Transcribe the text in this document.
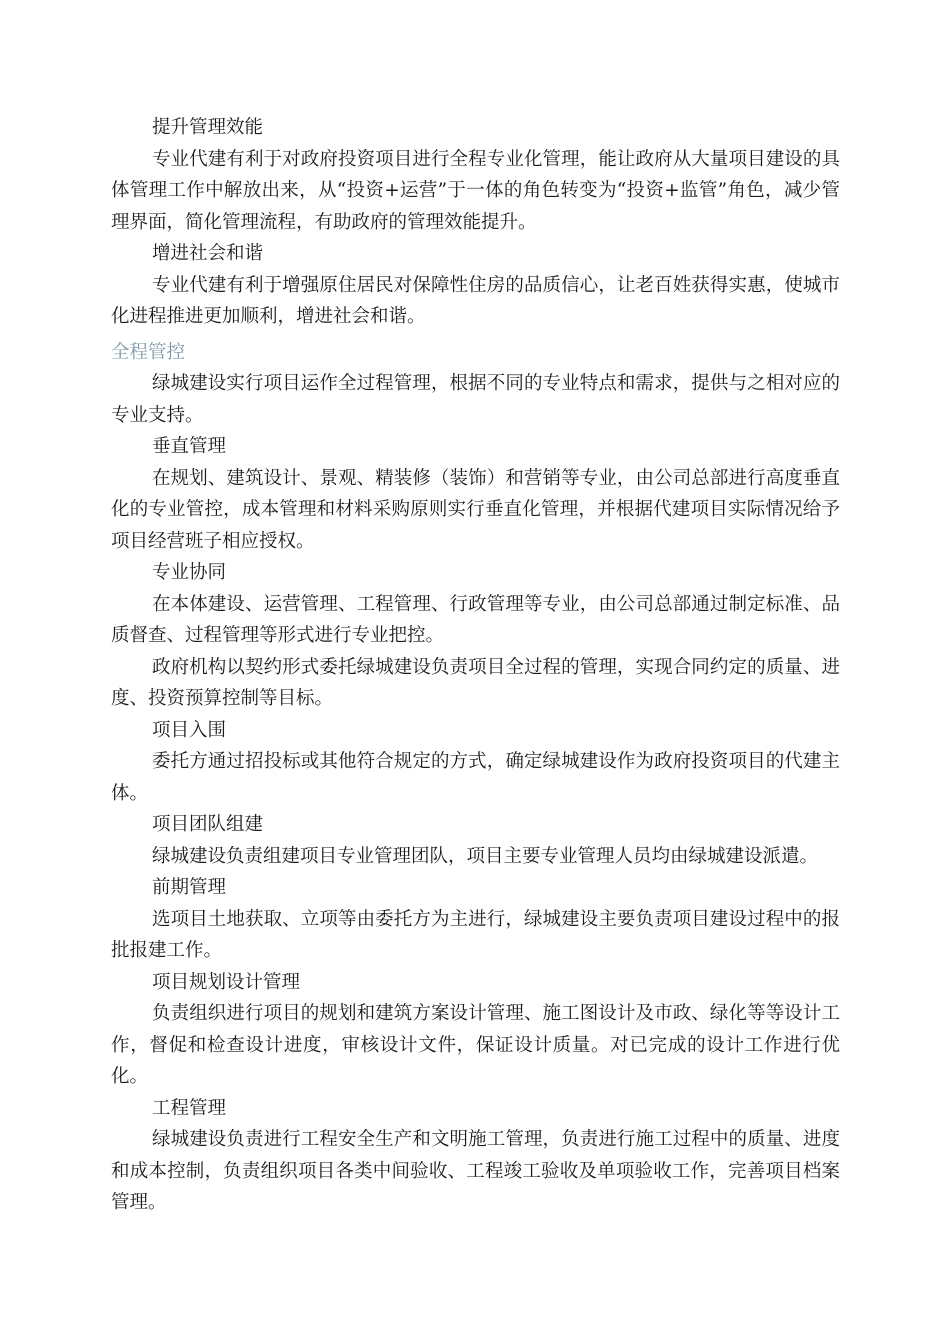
提升管理效能

专业代建有利于对政府投资项目进行全程专业化管理，能让政府从大量项目建设的具体管理工作中解放出来，从“投资+运营”于一体的角色转变为“投资+监管”角色，减少管理界面，简化管理流程，有助政府的管理效能提升。

增进社会和谐

专业代建有利于增强原住居民对保障性住房的品质信心，让老百姓获得实惠，使城市化进程推进更加顺利，增进社会和谐。

全程管控

绿城建设实行项目运作全过程管理，根据不同的专业特点和需求，提供与之相对应的专业支持。

垂直管理

在规划、建筑设计、景观、精装修（装饰）和营销等专业，由公司总部进行高度垂直化的专业管控，成本管理和材料采购原则实行垂直化管理，并根据代建项目实际情况给予项目经营班子相应授权。

专业协同

在本体建设、运营管理、工程管理、行政管理等专业，由公司总部通过制定标准、品质督查、过程管理等形式进行专业把控。

政府机构以契约形式委托绿城建设负责项目全过程的管理，实现合同约定的质量、进度、投资预算控制等目标。

项目入围

委托方通过招投标或其他符合规定的方式，确定绿城建设作为政府投资项目的代建主体。

项目团队组建

绿城建设负责组建项目专业管理团队，项目主要专业管理人员均由绿城建设派遣。

前期管理

选项目土地获取、立项等由委托方为主进行，绿城建设主要负责项目建设过程中的报批报建工作。

项目规划设计管理

负责组织进行项目的规划和建筑方案设计管理、施工图设计及市政、绿化等等设计工作，督促和检查设计进度，审核设计文件，保证设计质量。对已完成的设计工作进行优化。

工程管理

绿城建设负责进行工程安全生产和文明施工管理，负责进行施工过程中的质量、进度和成本控制，负责组织项目各类中间验收、工程竣工验收及单项验收工作，完善项目档案管理。
